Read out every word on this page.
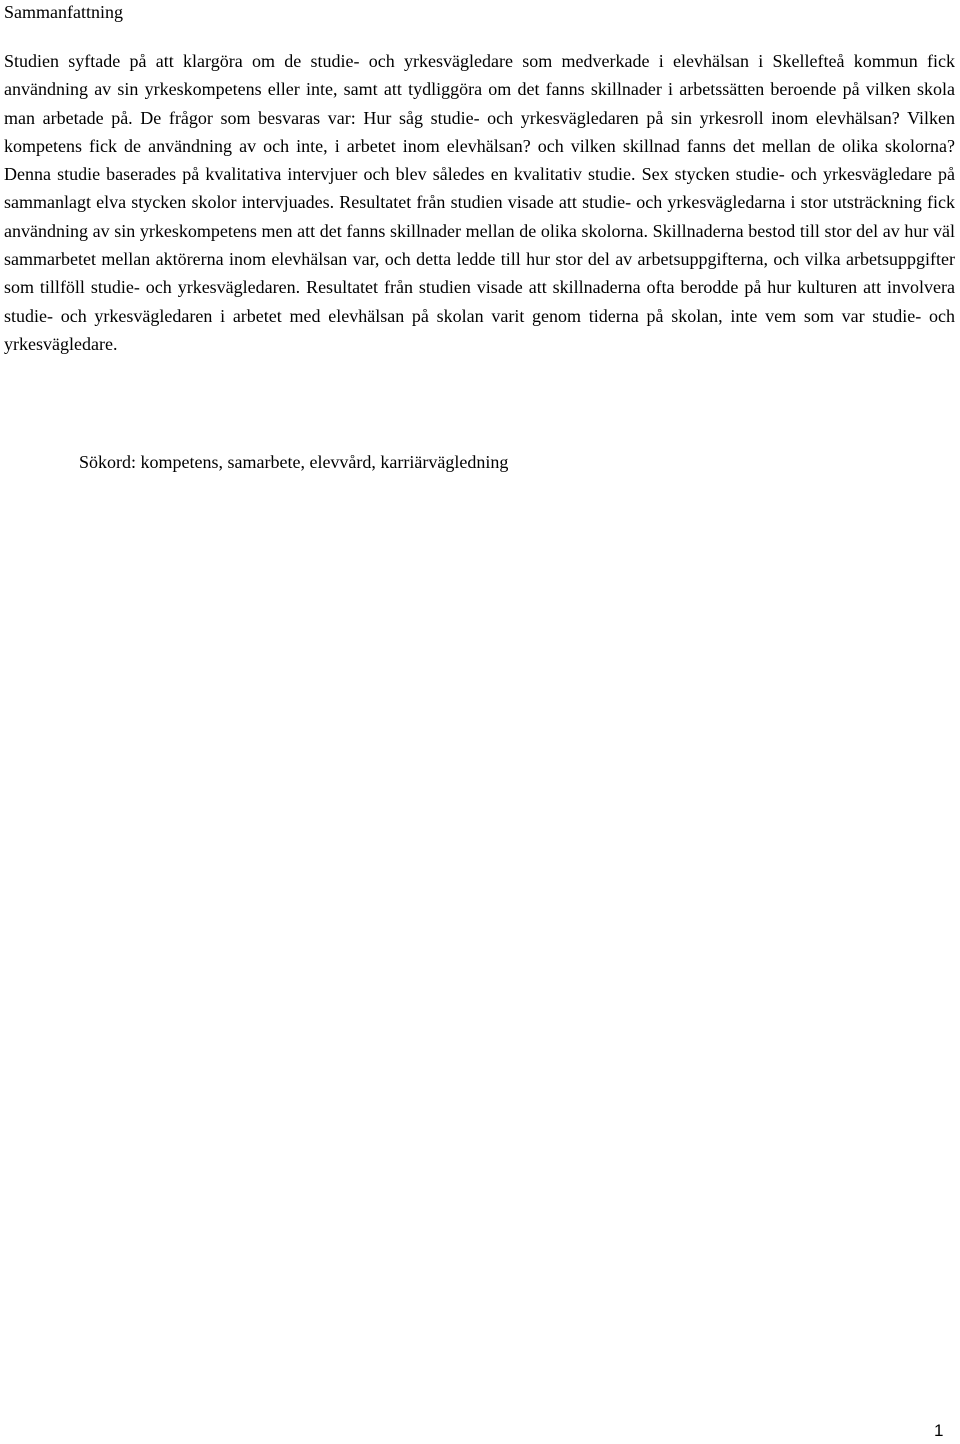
Sammanfattning

Studien syftade på att klargöra om de studie- och yrkesvägledare som medverkade i elevhälsan i Skellefteå kommun fick användning av sin yrkeskompetens eller inte, samt att tydliggöra om det fanns skillnader i arbetssätten beroende på vilken skola man arbetade på. De frågor som besvaras var: Hur såg studie- och yrkesvägledaren på sin yrkesroll inom elevhälsan? Vilken kompetens fick de användning av och inte, i arbetet inom elevhälsan? och vilken skillnad fanns det mellan de olika skolorna? Denna studie baserades på kvalitativa intervjuer och blev således en kvalitativ studie. Sex stycken studie- och yrkesvägledare på sammanlagt elva stycken skolor intervjuades. Resultatet från studien visade att studie- och yrkesvägledarna i stor utsträckning fick användning av sin yrkeskompetens men att det fanns skillnader mellan de olika skolorna. Skillnaderna bestod till stor del av hur väl sammarbetet mellan aktörerna inom elevhälsan var, och detta ledde till hur stor del av arbetsuppgifterna, och vilka arbetsuppgifter som tillföll studie- och yrkesvägledaren. Resultatet från studien visade att skillnaderna ofta berodde på hur kulturen att involvera studie- och yrkesvägledaren i arbetet med elevhälsan på skolan varit genom tiderna på skolan, inte vem som var studie- och yrkesvägledare.

Sökord: kompetens, samarbete, elevvård, karriärvägledning

1
